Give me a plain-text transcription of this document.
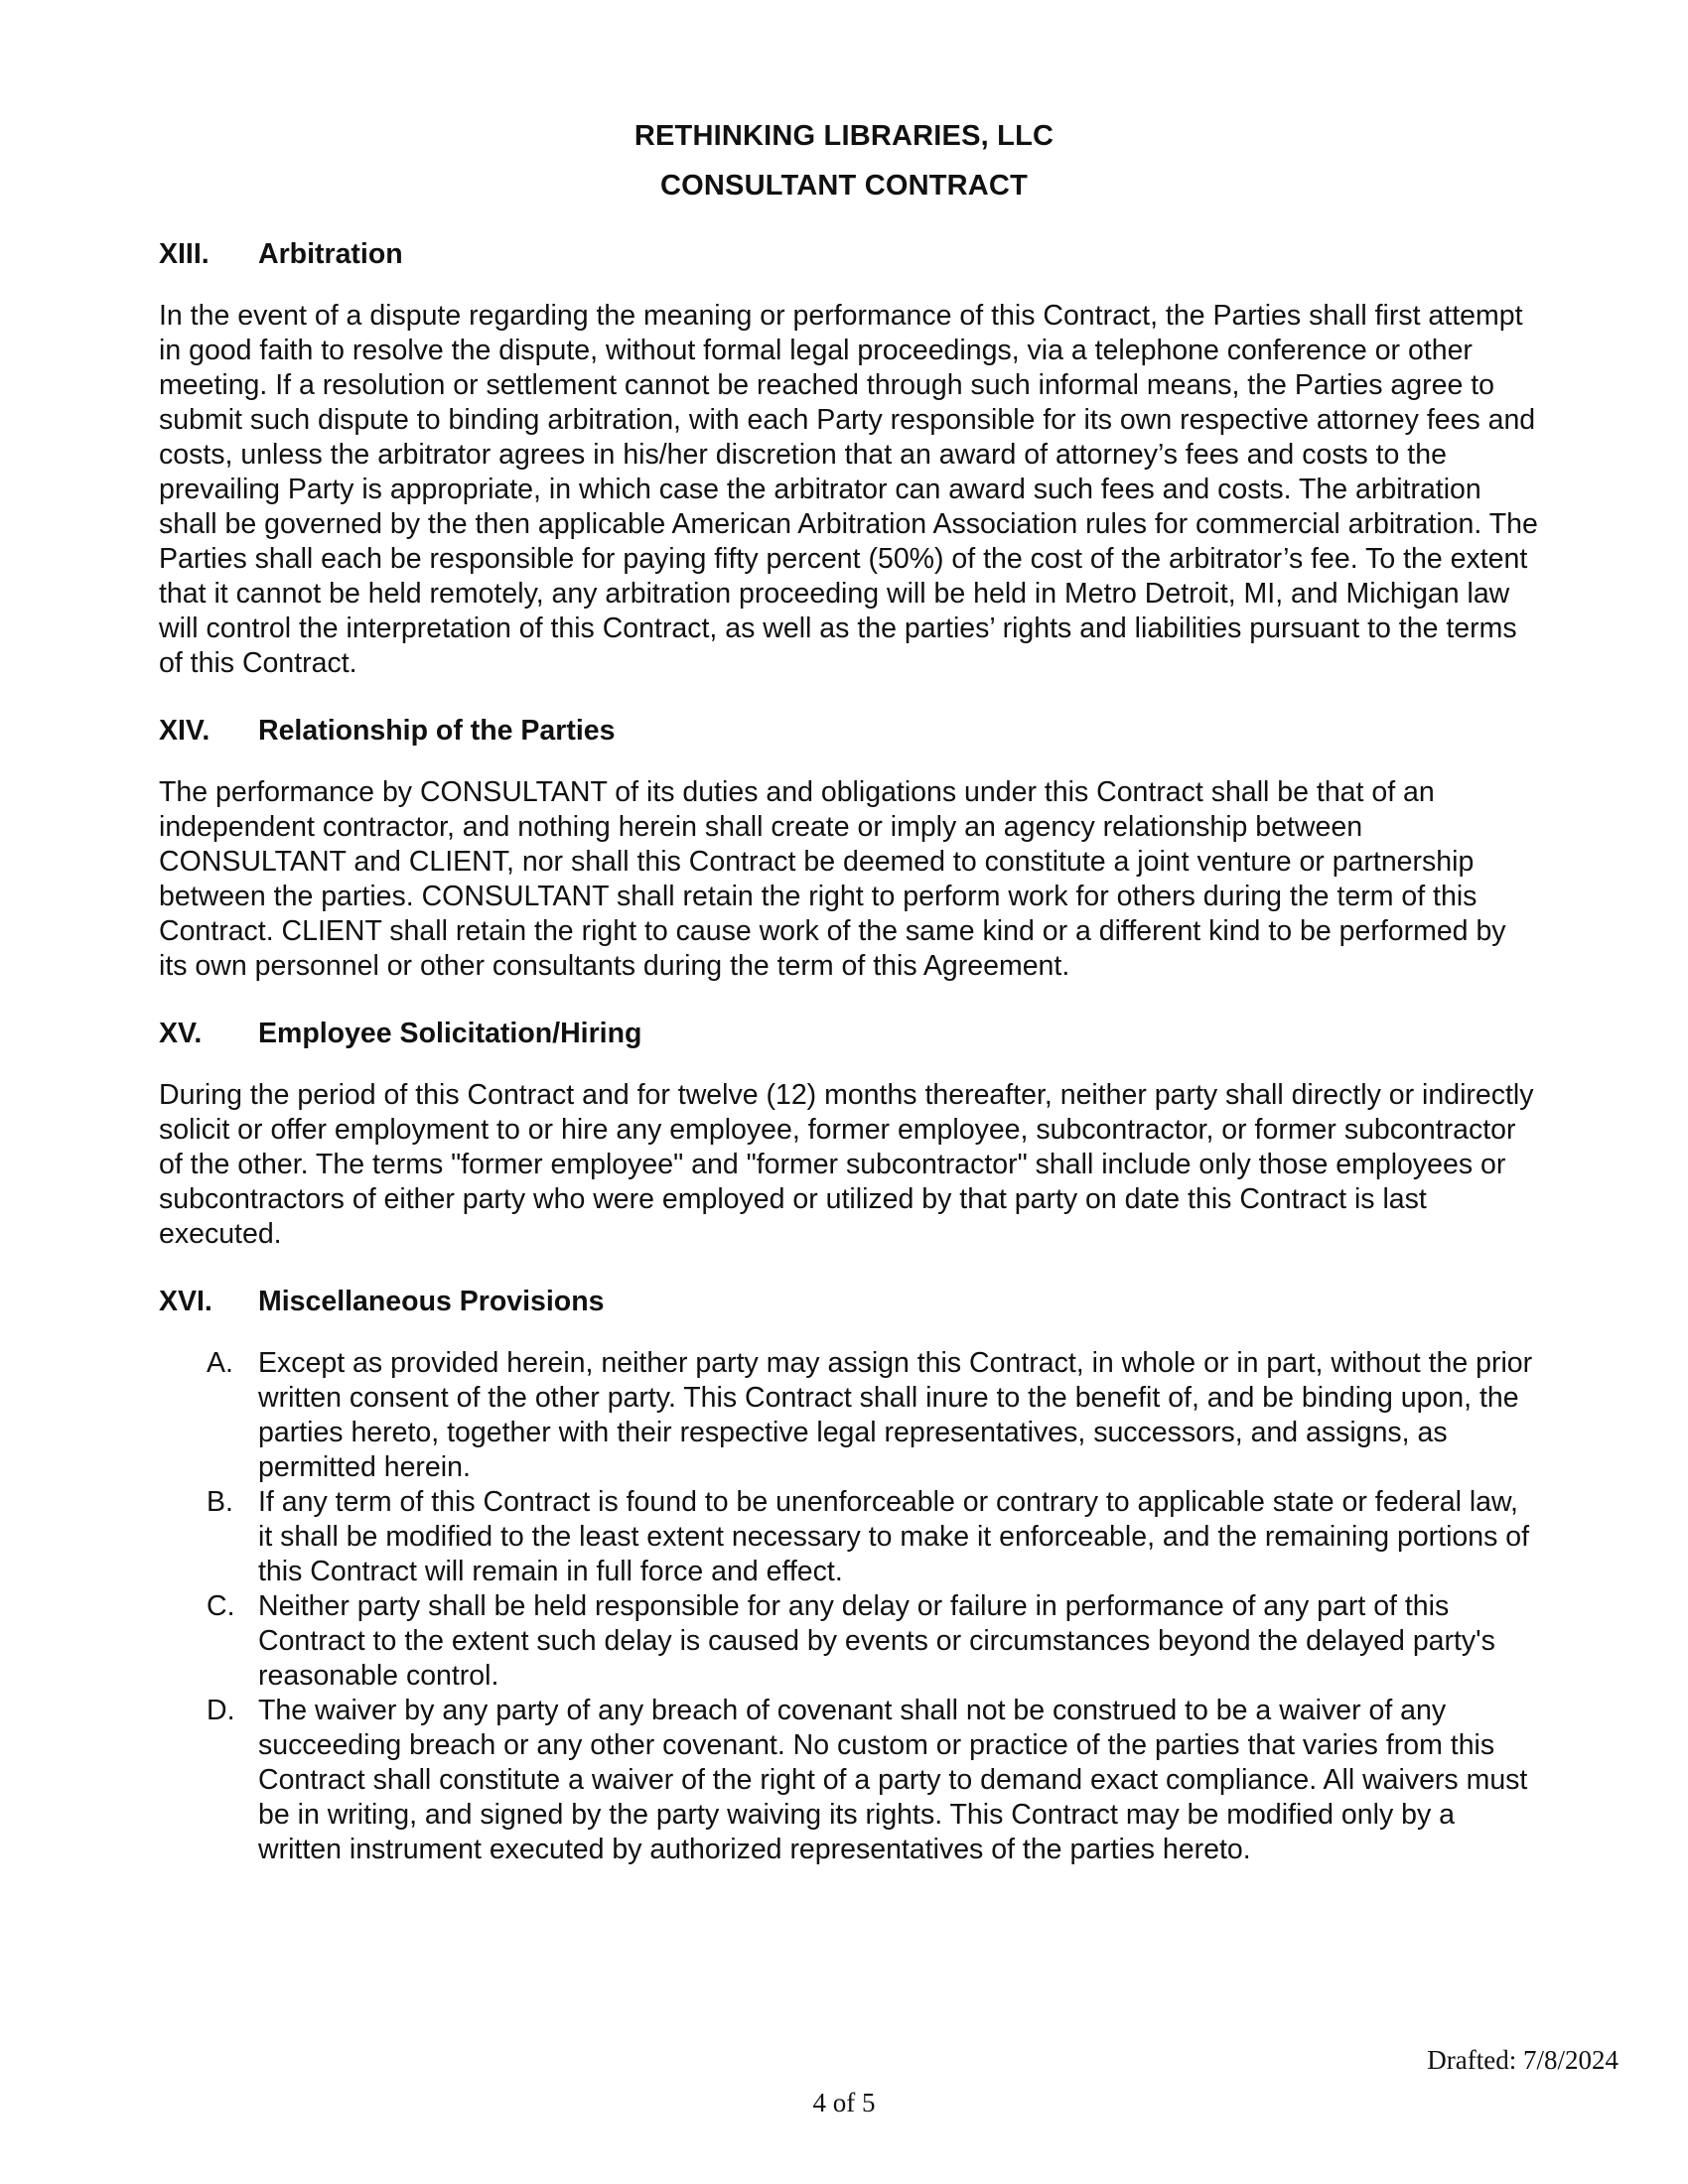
RETHINKING LIBRARIES, LLC
CONSULTANT CONTRACT
XIII.	Arbitration

In the event of a dispute regarding the meaning or performance of this Contract, the Parties shall first attempt in good faith to resolve the dispute, without formal legal proceedings, via a telephone conference or other meeting. If a resolution or settlement cannot be reached through such informal means, the Parties agree to submit such dispute to binding arbitration, with each Party responsible for its own respective attorney fees and costs, unless the arbitrator agrees in his/her discretion that an award of attorney’s fees and costs to the prevailing Party is appropriate, in which case the arbitrator can award such fees and costs. The arbitration shall be governed by the then applicable American Arbitration Association rules for commercial arbitration. The Parties shall each be responsible for paying fifty percent (50%) of the cost of the arbitrator’s fee. To the extent that it cannot be held remotely, any arbitration proceeding will be held in Metro Detroit, MI, and Michigan law will control the interpretation of this Contract, as well as the parties’ rights and liabilities pursuant to the terms of this Contract.

XIV.	Relationship of the Parties

The performance by CONSULTANT of its duties and obligations under this Contract shall be that of an independent contractor, and nothing herein shall create or imply an agency relationship between CONSULTANT and CLIENT, nor shall this Contract be deemed to constitute a joint venture or partnership between the parties. CONSULTANT shall retain the right to perform work for others during the term of this Contract. CLIENT shall retain the right to cause work of the same kind or a different kind to be performed by its own personnel or other consultants during the term of this Agreement.

XV.	Employee Solicitation/Hiring

During the period of this Contract and for twelve (12) months thereafter, neither party shall directly or indirectly solicit or offer employment to or hire any employee, former employee, subcontractor, or former subcontractor of the other. The terms "former employee" and "former subcontractor" shall include only those employees or subcontractors of either party who were employed or utilized by that party on date this Contract is last executed.

XVI.	Miscellaneous Provisions
A. Except as provided herein, neither party may assign this Contract, in whole or in part, without the prior written consent of the other party. This Contract shall inure to the benefit of, and be binding upon, the parties hereto, together with their respective legal representatives, successors, and assigns, as permitted herein.
B. If any term of this Contract is found to be unenforceable or contrary to applicable state or federal law, it shall be modified to the least extent necessary to make it enforceable, and the remaining portions of this Contract will remain in full force and effect.
C. Neither party shall be held responsible for any delay or failure in performance of any part of this Contract to the extent such delay is caused by events or circumstances beyond the delayed party's reasonable control.
D. The waiver by any party of any breach of covenant shall not be construed to be a waiver of any succeeding breach or any other covenant. No custom or practice of the parties that varies from this Contract shall constitute a waiver of the right of a party to demand exact compliance. All waivers must be in writing, and signed by the party waiving its rights. This Contract may be modified only by a written instrument executed by authorized representatives of the parties hereto.
Drafted: 7/8/2024
4 of 5
